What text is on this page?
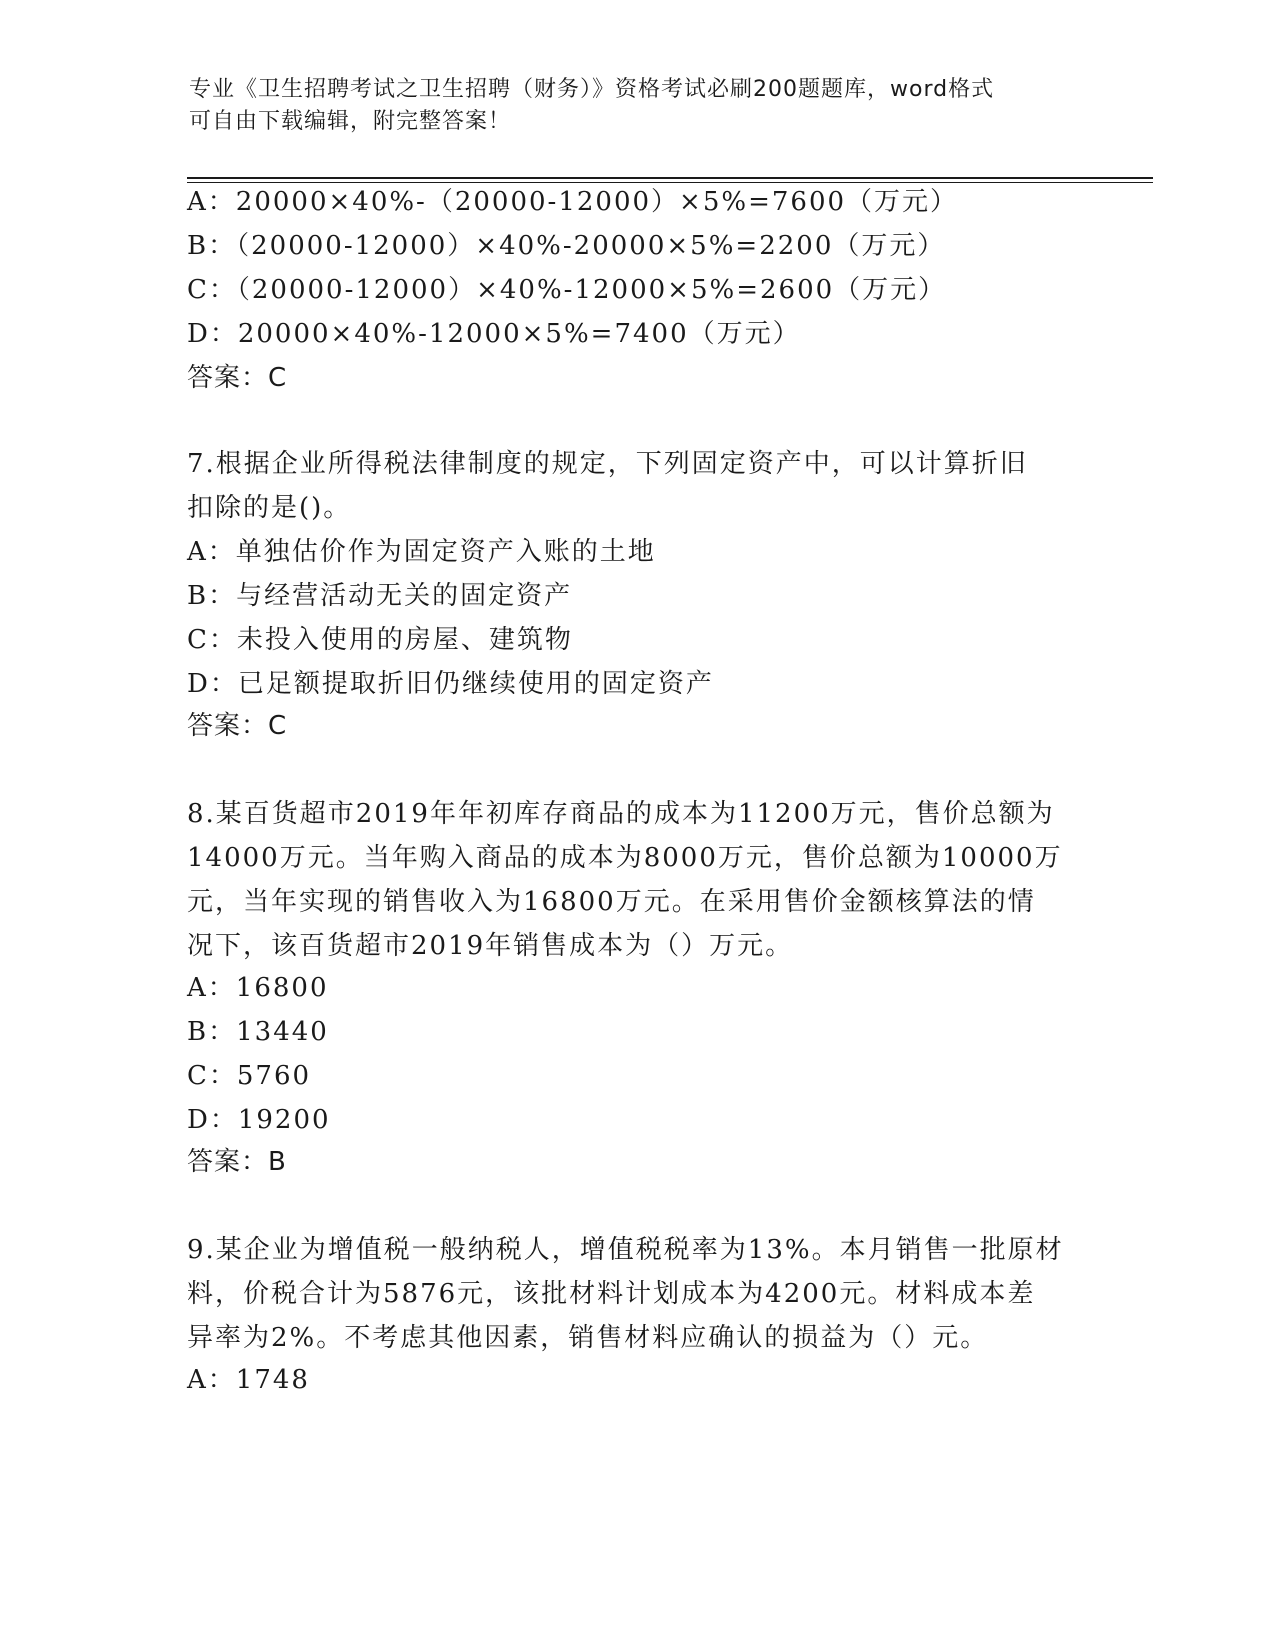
专业《卫生招聘考试之卫生招聘（财务）》资格考试必刷200题题库，word格式
可自由下载编辑，附完整答案！
A：20000×40%-（20000-12000）×5%=7600（万元）
B：（20000-12000）×40%-20000×5%=2200（万元）
C：（20000-12000）×40%-12000×5%=2600（万元）
D：20000×40%-12000×5%=7400（万元）
答案：C
7.根据企业所得税法律制度的规定，下列固定资产中，可以计算折旧
扣除的是()。
A：单独估价作为固定资产入账的土地
B：与经营活动无关的固定资产
C：未投入使用的房屋、建筑物
D：已足额提取折旧仍继续使用的固定资产
答案：C
8.某百货超市2019年年初库存商品的成本为11200万元，售价总额为
14000万元。当年购入商品的成本为8000万元，售价总额为10000万
元，当年实现的销售收入为16800万元。在采用售价金额核算法的情
况下，该百货超市2019年销售成本为（）万元。
A：16800
B：13440
C：5760
D：19200
答案：B
9.某企业为增值税一般纳税人，增值税税率为13%。本月销售一批原材
料，价税合计为5876元，该批材料计划成本为4200元。材料成本差
异率为2%。不考虑其他因素，销售材料应确认的损益为（）元。
A：1748
